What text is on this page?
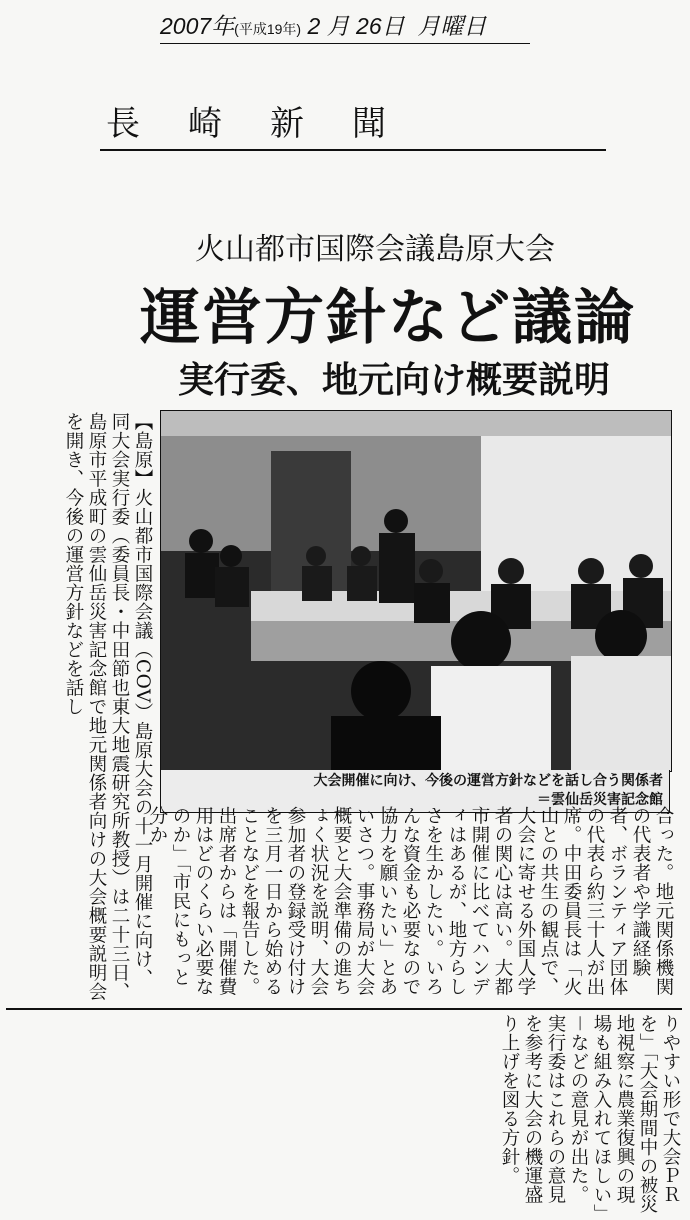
2007年(平成19年) 2 月 26日 月曜日
長崎新聞
火山都市国際会議島原大会
運営方針など議論
実行委、地元向け概要説明
【島原】火山都市国際会議（COV）島原大会の十一月開催に向け、同大会実行委（委員長・中田節也東大地震研究所教授）は二十三日、島原市平成町の雲仙岳災害記念館で地元関係者向けの大会概要説明会を開き、今後の運営方針などを話し
大会開催に向け、今後の運営方針などを話し合う関係者
＝雲仙岳災害記念館
合った。地元関係機関の代表者や学識経験者、ボランティア団体の代表ら約三十人が出席。中田委員長は「火山との共生の観点で、大会に寄せる外国人学者の関心は高い。大都市開催に比べてハンディはあるが、地方らしさを生かしたい。いろんな資金も必要なので協力を願いたい」とあいさつ。事務局が大会概要と大会準備の進ちょく状況を説明、大会参加者の登録受け付けを三月一日から始めることなどを報告した。出席者からは「開催費用はどのくらい必要なのか」「市民にもっと分か
りやすい形で大会ＰＲを」「大会期間中の被災地視察に農業復興の現場も組み入れてほしい」－などの意見が出た。実行委はこれらの意見を参考に大会の機運盛り上げを図る方針。
